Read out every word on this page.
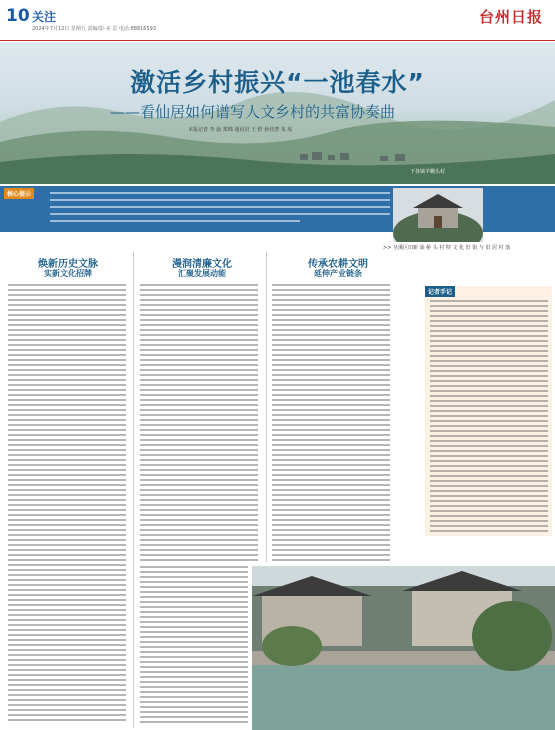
10 关注
2024年7月12日 星期五 责编/彭·美 景 电话:88816593
台州日报
激活乡村振兴“一池春水”
——看仙居如何谱写人文乡村的共富协奏曲
本报记者 李 晨 郑锦 通讯员 王 舒 孙佳慧 朱 瑶
下各镇羊棚头村
核心提示
>> 皂溪区田新 油 桥 头 村 特 文 化 旧 街 与 旧 居 村 落
焕新历史文脉
实新文化招牌
漫润清廉文化
汇聚发展动能
传承农耕文明
延伸产业链条
记者手记
